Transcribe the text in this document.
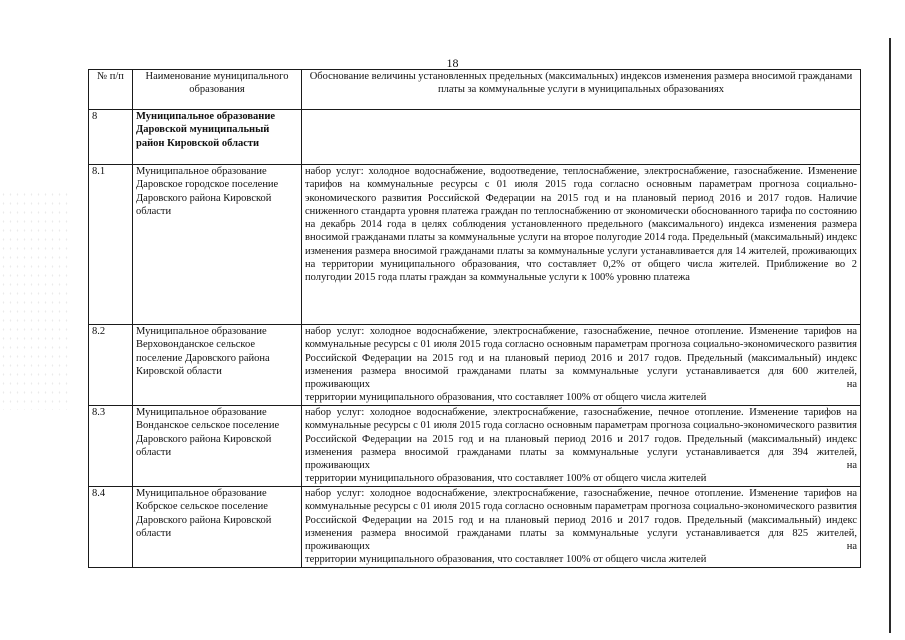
18
№ п/п	Наименование муниципального образования	Обоснование величины установленных предельных (максимальных) индексов изменения размера вносимой гражданами платы за коммунальные услуги в муниципальных образованиях
8	Муниципальное образование Даровской муниципальный район Кировской области	
8.1	Муниципальное образование Даровское городское поселение Даровского района Кировской области	набор услуг: холодное водоснабжение, водоотведение, теплоснабжение, электроснабжение, газоснабжение. Изменение тарифов на коммунальные ресурсы с 01 июля 2015 года согласно основным параметрам прогноза социально-экономического развития Российской Федерации на 2015 год и на плановый период 2016 и 2017 годов. Наличие сниженного стандарта уровня платежа граждан по теплоснабжению от экономически обоснованного тарифа по состоянию на декабрь 2014 года в целях соблюдения установленного предельного (максимального) индекса изменения размера вносимой гражданами платы за коммунальные услуги на второе полугодие 2014 года. Предельный (максимальный) индекс изменения размера вносимой гражданами платы за коммунальные услуги устанавливается для 14 жителей, проживающих на территории муниципального образования, что составляет 0,2% от общего числа жителей. Приближение во 2
полугодии 2015 года платы граждан за коммунальные услуги к 100% уровню платежа

8.2	Муниципальное образование Верховонданское сельское поселение Даровского района Кировской области	набор услуг: холодное водоснабжение, электроснабжение, газоснабжение, печное отопление. Изменение тарифов на коммунальные ресурсы с 01 июля 2015 года согласно основным параметрам прогноза социально-экономического развития Российской Федерации на 2015 год и на плановый период 2016 и 2017 годов. Предельный (максимальный) индекс изменения размера вносимой гражданами платы за коммунальные услуги устанавливается для 600 жителей, проживающих на
территории муниципального образования, что составляет 100% от общего числа жителей

8.3	Муниципальное образование Вонданское сельское поселение Даровского района Кировской области	набор услуг: холодное водоснабжение, электроснабжение, газоснабжение, печное отопление. Изменение тарифов на коммунальные ресурсы с 01 июля 2015 года согласно основным параметрам прогноза социально-экономического развития Российской Федерации на 2015 год и на плановый период 2016 и 2017 годов. Предельный (максимальный) индекс изменения размера вносимой гражданами платы за коммунальные услуги устанавливается для 394 жителей, проживающих на
территории муниципального образования, что составляет 100% от общего числа жителей

8.4	Муниципальное образование Кобрское сельское поселение Даровского района Кировской области	набор услуг: холодное водоснабжение, электроснабжение, газоснабжение, печное отопление. Изменение тарифов на коммунальные ресурсы с 01 июля 2015 года согласно основным параметрам прогноза социально-экономического развития Российской Федерации на 2015 год и на плановый период 2016 и 2017 годов. Предельный (максимальный) индекс изменения размера вносимой гражданами платы за коммунальные услуги устанавливается для 825 жителей, проживающих на
территории муниципального образования, что составляет 100% от общего числа жителей
